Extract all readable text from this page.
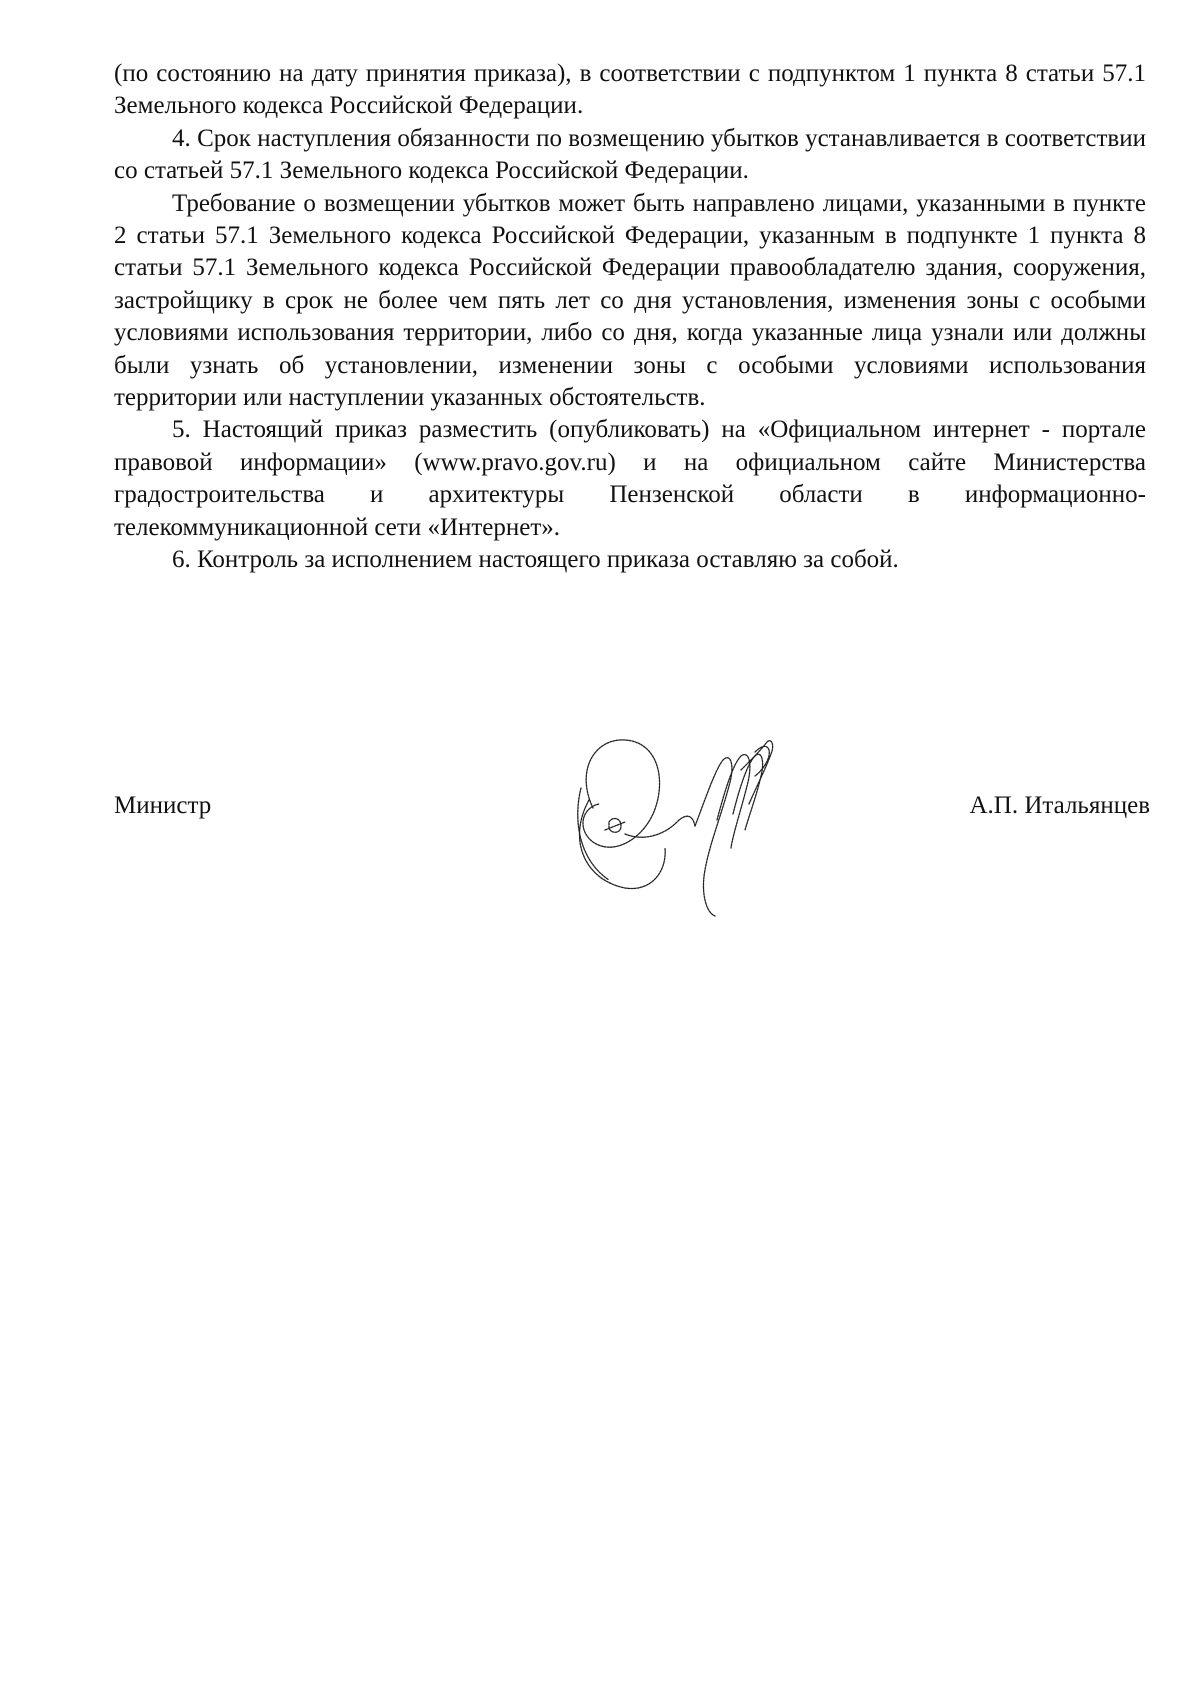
(по состоянию на дату принятия приказа), в соответствии с подпунктом 1 пункта 8 статьи 57.1 Земельного кодекса Российской Федерации.

4. Срок наступления обязанности по возмещению убытков устанавливается в соответствии со статьей 57.1 Земельного кодекса Российской Федерации.

Требование о возмещении убытков может быть направлено лицами, указанными в пункте 2 статьи 57.1 Земельного кодекса Российской Федерации, указанным в подпункте 1 пункта 8 статьи 57.1 Земельного кодекса Российской Федерации правообладателю здания, сооружения, застройщику в срок не более чем пять лет со дня установления, изменения зоны с особыми условиями использования территории, либо со дня, когда указанные лица узнали или должны были узнать об установлении, изменении зоны с особыми условиями использования территории или наступлении указанных обстоятельств.

5. Настоящий приказ разместить (опубликовать) на «Официальном интернет - портале правовой информации» (www.pravo.gov.ru) и на официальном сайте Министерства градостроительства и архитектуры Пензенской области в информационно-телекоммуникационной сети «Интернет».

6. Контроль за исполнением настоящего приказа оставляю за собой.

Министр	А.П. Итальянцев
